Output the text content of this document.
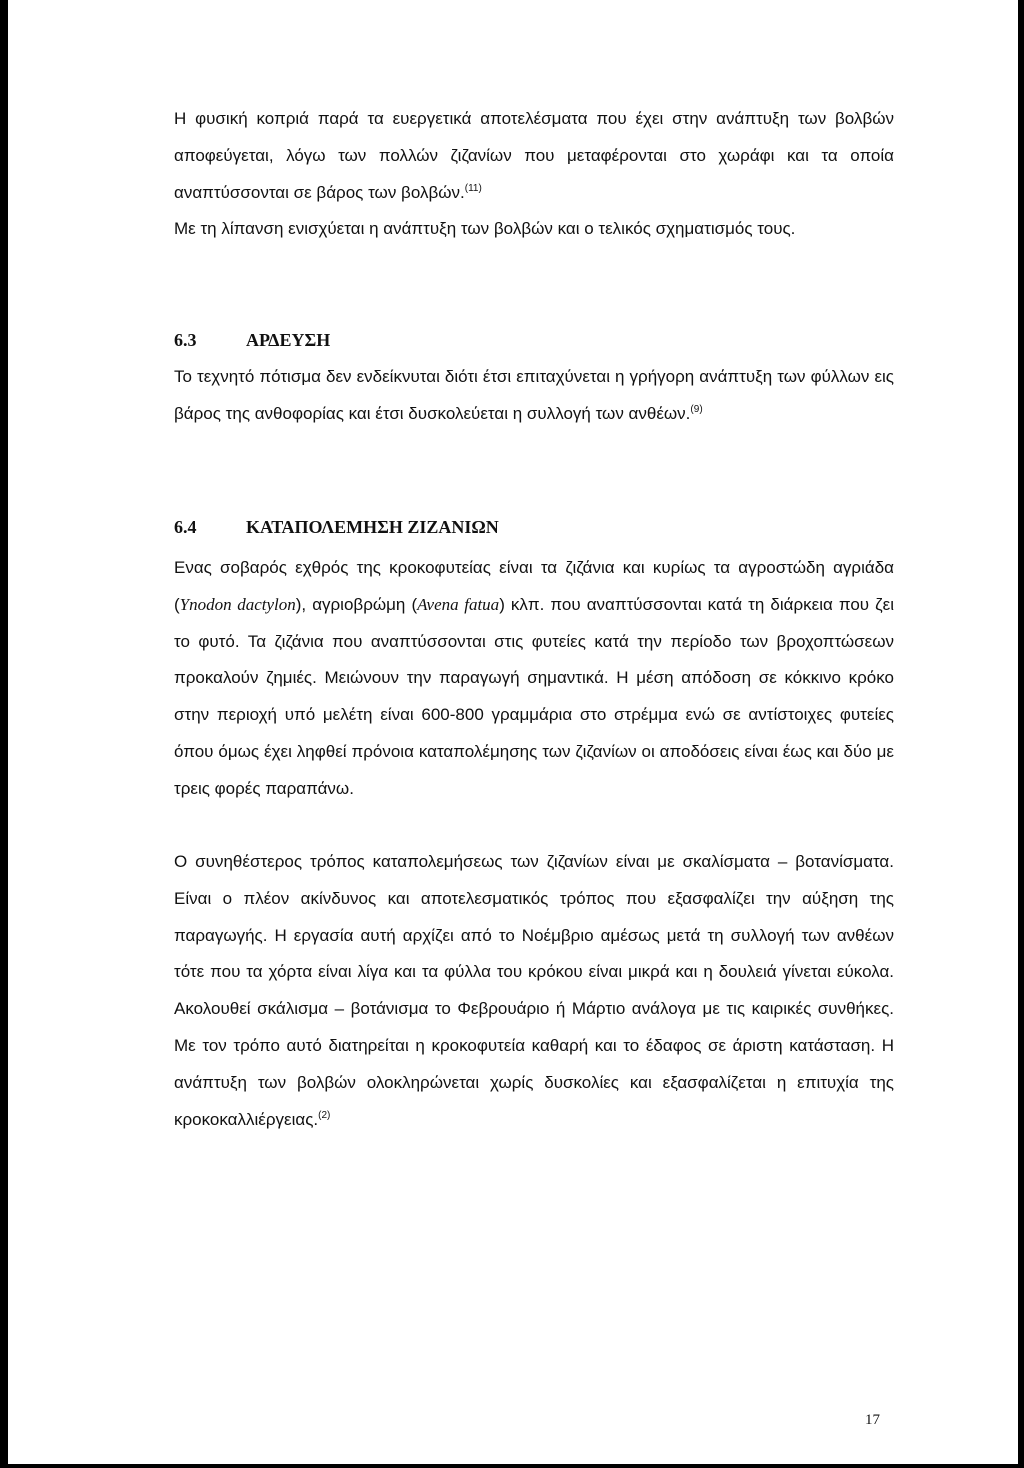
Η φυσική κοπριά παρά τα ευεργετικά αποτελέσματα που έχει στην ανάπτυξη των βολβών αποφεύγεται, λόγω των πολλών ζιζανίων που μεταφέρονται στο χωράφι και τα οποία αναπτύσσονται σε βάρος των βολβών.$^{(11)}$
Με τη λίπανση ενισχύεται η ανάπτυξη των βολβών και ο τελικός σχηματισμός τους.
6.3	ΑΡΔΕΥΣΗ
Το τεχνητό πότισμα δεν ενδείκνυται διότι έτσι επιταχύνεται η γρήγορη ανάπτυξη των φύλλων εις βάρος της ανθοφορίας και έτσι δυσκολεύεται η συλλογή των ανθέων.$^{(9)}$
6.4	ΚΑΤΑΠΟΛΕΜΗΣΗ ΖΙΖΑΝΙΩΝ
Ενας σοβαρός εχθρός της κροκοφυτείας είναι τα ζιζάνια και κυρίως τα αγροστώδη αγριάδα (Ynodon dactylon), αγριοβρώμη (Avena fatua) κλπ. που αναπτύσσονται κατά τη διάρκεια που ζει το φυτό. Τα ζιζάνια που αναπτύσσονται στις φυτείες κατά την περίοδο των βροχοπτώσεων προκαλούν ζημιές. Μειώνουν την παραγωγή σημαντικά. Η μέση απόδοση σε κόκκινο κρόκο στην περιοχή υπό μελέτη είναι 600-800 γραμμάρια στο στρέμμα ενώ σε αντίστοιχες φυτείες όπου όμως έχει ληφθεί πρόνοια καταπολέμησης των ζιζανίων οι αποδόσεις είναι έως και δύο με τρεις φορές παραπάνω.
Ο συνηθέστερος τρόπος καταπολεμήσεως των ζιζανίων είναι με σκαλίσματα – βοτανίσματα. Είναι ο πλέον ακίνδυνος και αποτελεσματικός τρόπος που εξασφαλίζει την αύξηση της παραγωγής. Η εργασία αυτή αρχίζει από το Νοέμβριο αμέσως μετά τη συλλογή των ανθέων τότε που τα χόρτα είναι λίγα και τα φύλλα του κρόκου είναι μικρά και η δουλειά γίνεται εύκολα. Ακολουθεί σκάλισμα – βοτάνισμα το Φεβρουάριο ή Μάρτιο ανάλογα με τις καιρικές συνθήκες. Με τον τρόπο αυτό διατηρείται η κροκοφυτεία καθαρή και το έδαφος σε άριστη κατάσταση. Η ανάπτυξη των βολβών ολοκληρώνεται χωρίς δυσκολίες και εξασφαλίζεται η επιτυχία της κροκοκαλλιέργειας.$^{(2)}$
17
